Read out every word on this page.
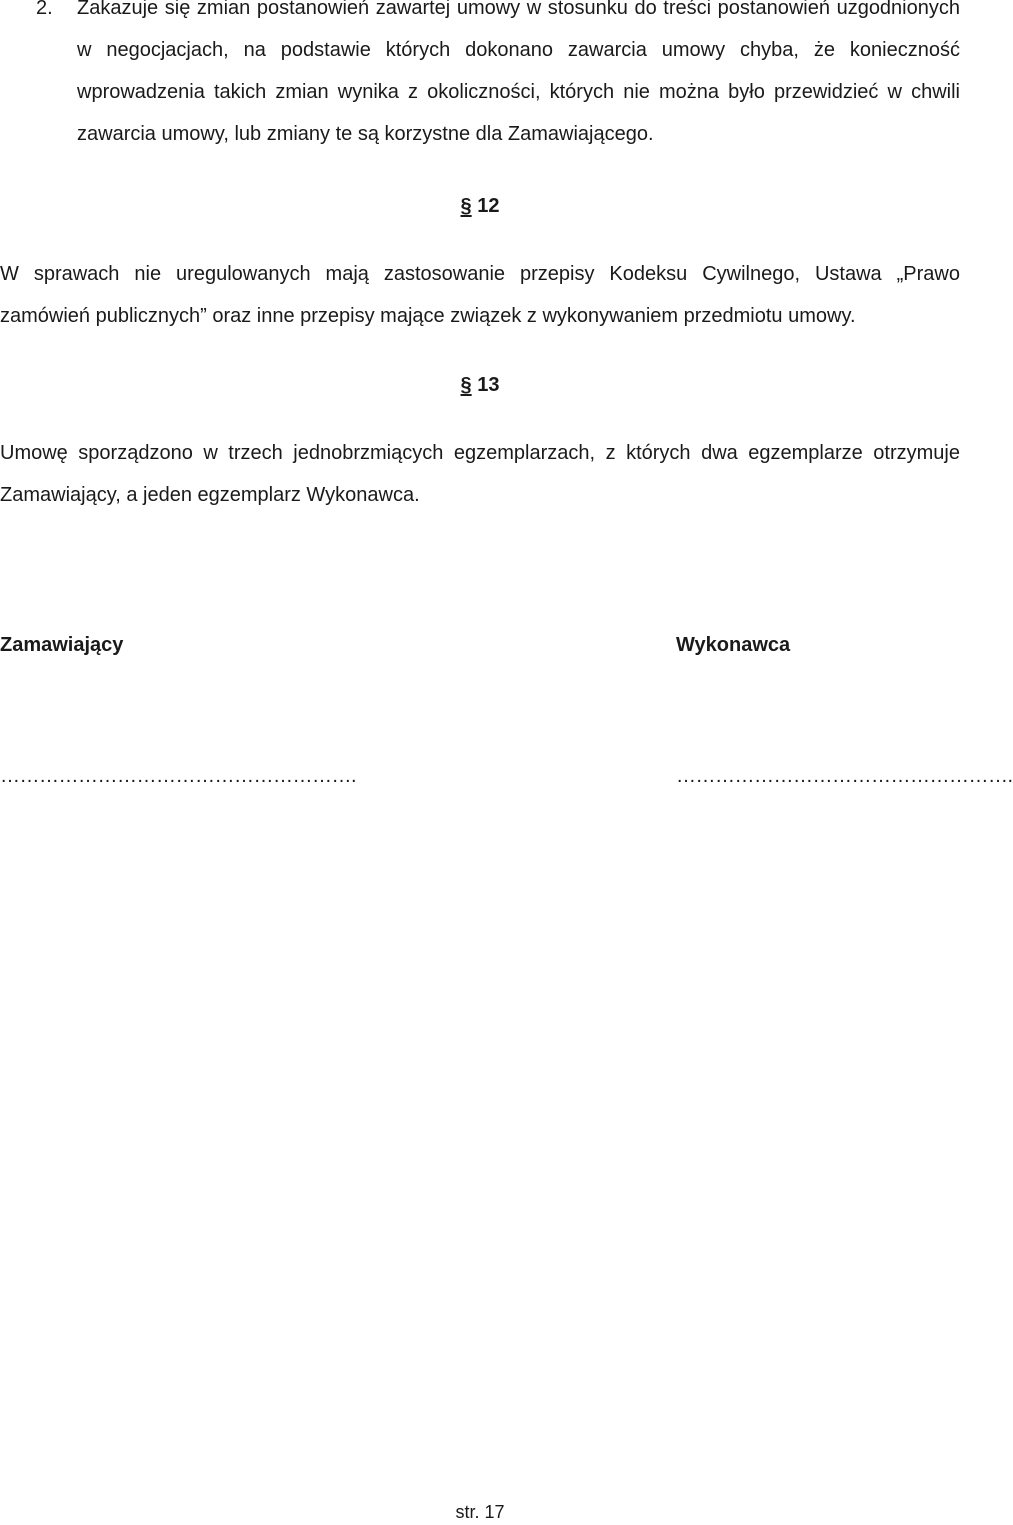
2. Zakazuje się zmian postanowień zawartej umowy w stosunku do treści postanowień uzgodnionych w negocjacjach, na podstawie których dokonano zawarcia umowy chyba, że konieczność wprowadzenia takich zmian wynika z okoliczności, których nie można było przewidzieć w chwili zawarcia umowy, lub zmiany te są korzystne dla Zamawiającego.
§ 12
W sprawach nie uregulowanych mają zastosowanie przepisy Kodeksu Cywilnego, Ustawa „Prawo zamówień publicznych” oraz inne przepisy mające związek z wykonywaniem przedmiotu umowy.
§ 13
Umowę sporządzono w trzech jednobrzmiących egzemplarzach, z których dwa egzemplarze otrzymuje Zamawiający, a jeden egzemplarz Wykonawca.
Zamawiający	Wykonawca
……………………………………………….	…………………………………………….
str. 17
